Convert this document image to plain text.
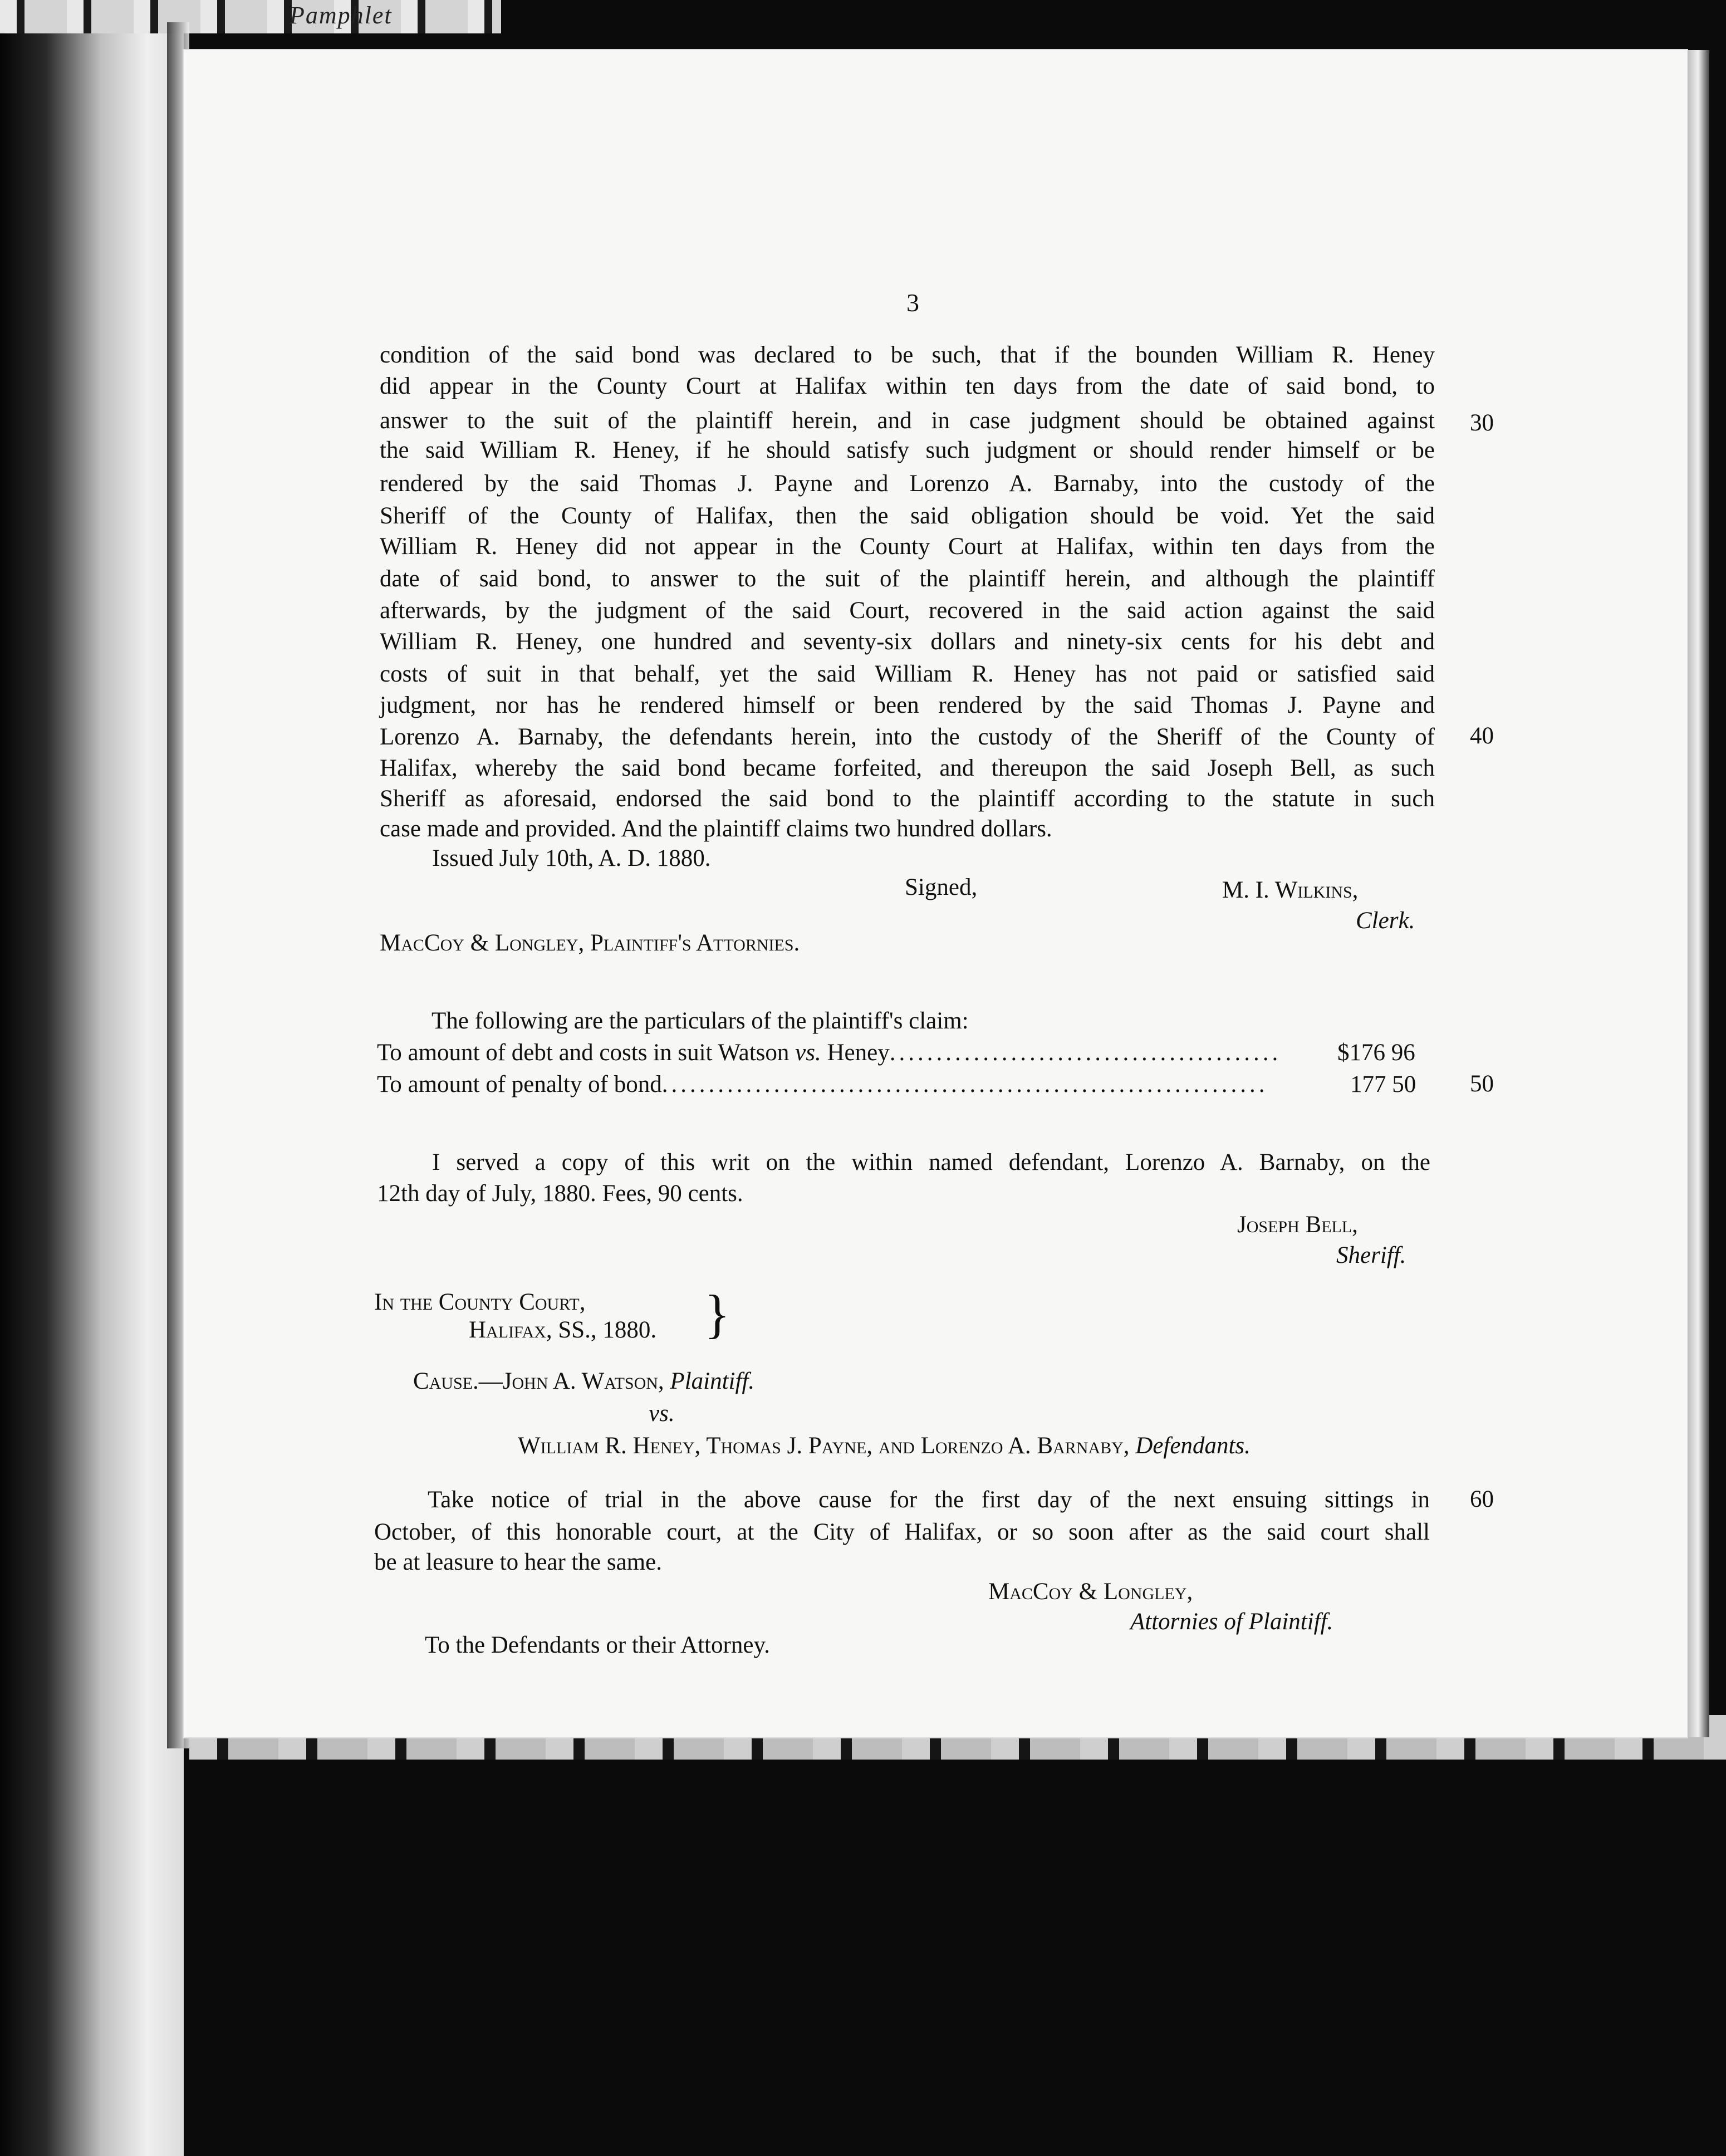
Pamphlet
3
condition of the said bond was declared to be such, that if the bounden William R. Heney
did appear in the County Court at Halifax within ten days from the date of said bond, to
answer to the suit of the plaintiff herein, and in case judgment should be obtained against
the said William R. Heney, if he should satisfy such judgment or should render himself or be
rendered by the said Thomas J. Payne and Lorenzo A. Barnaby, into the custody of the
Sheriff of the County of Halifax, then the said obligation should be void. Yet the said
William R. Heney did not appear in the County Court at Halifax, within ten days from the
date of said bond, to answer to the suit of the plaintiff herein, and although the plaintiff
afterwards, by the judgment of the said Court, recovered in the said action against the said
William R. Heney, one hundred and seventy-six dollars and ninety-six cents for his debt and
costs of suit in that behalf, yet the said William R. Heney has not paid or satisfied said
judgment, nor has he rendered himself or been rendered by the said Thomas J. Payne and
Lorenzo A. Barnaby, the defendants herein, into the custody of the Sheriff of the County of
Halifax, whereby the said bond became forfeited, and thereupon the said Joseph Bell, as such
Sheriff as aforesaid, endorsed the said bond to the plaintiff according to the statute in such
case made and provided. And the plaintiff claims two hundred dollars.
30
40
50
60
Issued July 10th, A. D. 1880.
Signed,	M. I. Wilkins,
Clerk.
MacCoy & Longley, Plaintiff's Attornies.
The following are the particulars of the plaintiff's claim:
To amount of debt and costs in suit Watson vs. Heney.......................................... $176 96
To amount of penalty of bond.................................................................	177 50
I served a copy of this writ on the within named defendant, Lorenzo A. Barnaby, on the
12th day of July, 1880. Fees, 90 cents.
Joseph Bell,
Sheriff.
In the County Court,
Halifax, SS., 1880. }
Cause.—John A. Watson, Plaintiff.
vs.
William R. Heney, Thomas J. Payne, and Lorenzo A. Barnaby, Defendants.
Take notice of trial in the above cause for the first day of the next ensuing sittings in
October, of this honorable court, at the City of Halifax, or so soon after as the said court shall
be at leasure to hear the same.
MacCoy & Longley,
Attornies of Plaintiff.
To the Defendants or their Attorney.
